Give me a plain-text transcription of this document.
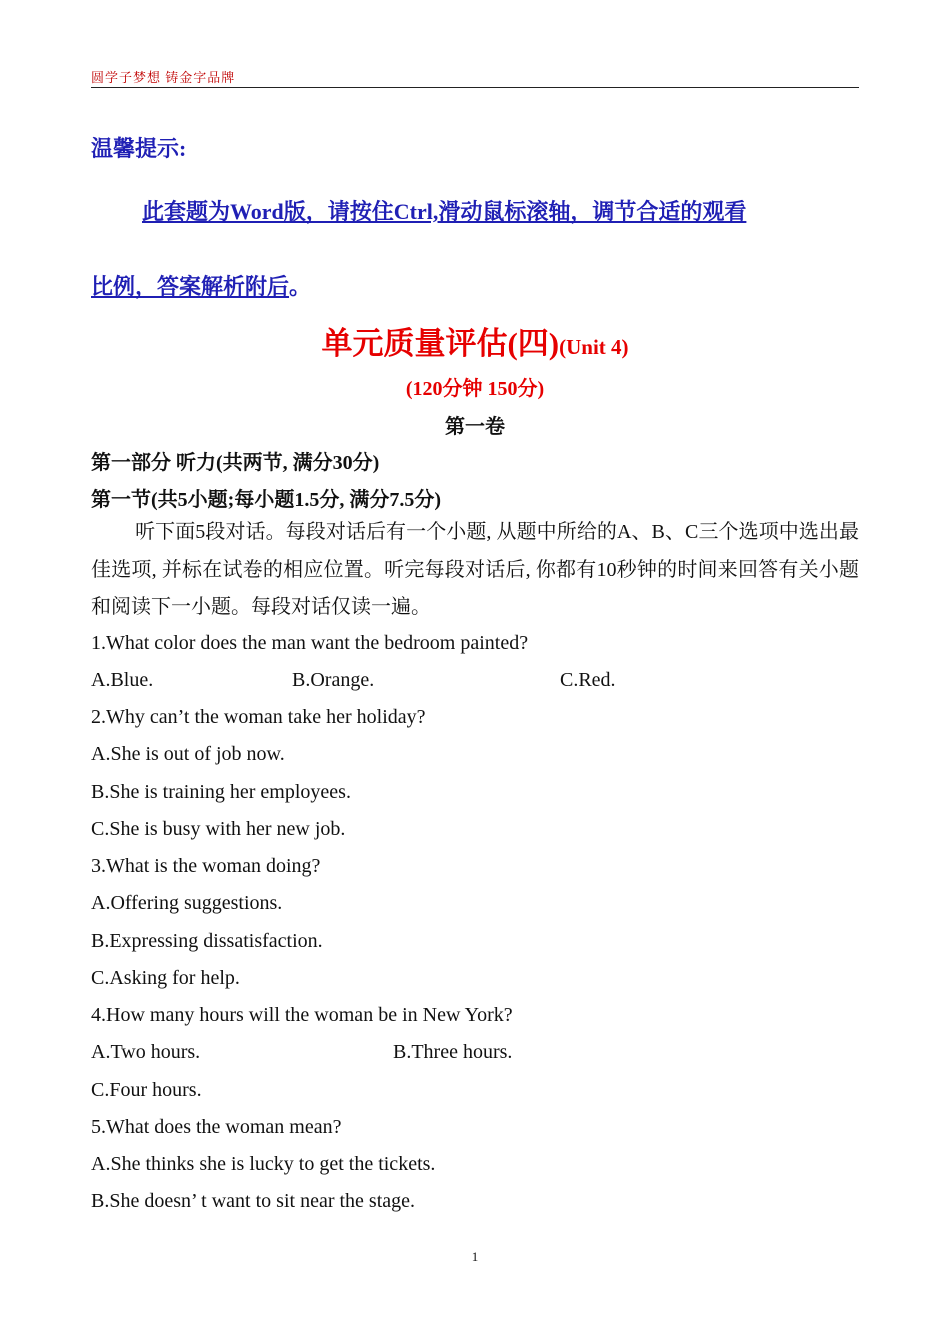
圆学子梦想 铸金字品牌
温馨提示:
此套题为Word版，请按住Ctrl,滑动鼠标滚轴，调节合适的观看
比例，答案解析附后。
单元质量评估(四)(Unit 4)
(120分钟 150分)
第一卷
第一部分 听力(共两节, 满分30分)
第一节(共5小题;每小题1.5分, 满分7.5分)
听下面5段对话。每段对话后有一个小题, 从题中所给的A、B、C三个选项中选出最佳选项, 并标在试卷的相应位置。听完每段对话后, 你都有10秒钟的时间来回答有关小题和阅读下一小题。每段对话仅读一遍。
1.What color does the man want the bedroom painted?
A.Blue.	B.Orange.	C.Red.
2.Why can’t the woman take her holiday?
A.She is out of job now.
B.She is training her employees.
C.She is busy with her new job.
3.What is the woman doing?
A.Offering suggestions.
B.Expressing dissatisfaction.
C.Asking for help.
4.How many hours will the woman be in New York?
A.Two hours.	B.Three hours.
C.Four hours.
5.What does the woman mean?
A.She thinks she is lucky to get the tickets.
B.She doesn’ t want to sit near the stage.
1
